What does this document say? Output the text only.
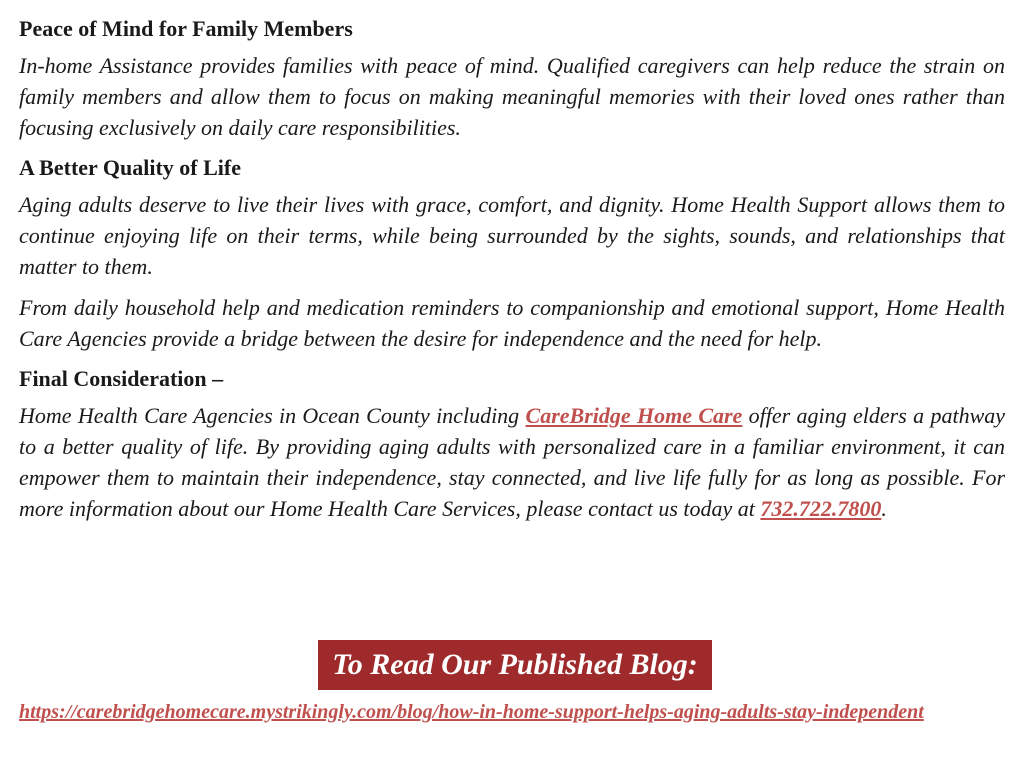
Peace of Mind for Family Members

In-home Assistance provides families with peace of mind. Qualified caregivers can help reduce the strain on family members and allow them to focus on making meaningful memories with their loved ones rather than focusing exclusively on daily care responsibilities.

A Better Quality of Life

Aging adults deserve to live their lives with grace, comfort, and dignity. Home Health Support allows them to continue enjoying life on their terms, while being surrounded by the sights, sounds, and relationships that matter to them.

From daily household help and medication reminders to companionship and emotional support, Home Health Care Agencies provide a bridge between the desire for independence and the need for help.

Final Consideration –

Home Health Care Agencies in Ocean County including CareBridge Home Care offer aging elders a pathway to a better quality of life. By providing aging adults with personalized care in a familiar environment, it can empower them to maintain their independence, stay connected, and live life fully for as long as possible. For more information about our Home Health Care Services, please contact us today at 732.722.7800.

To Read Our Published Blog:
https://carebridgehomecare.mystrikingly.com/blog/how-in-home-support-helps-aging-adults-stay-independent
